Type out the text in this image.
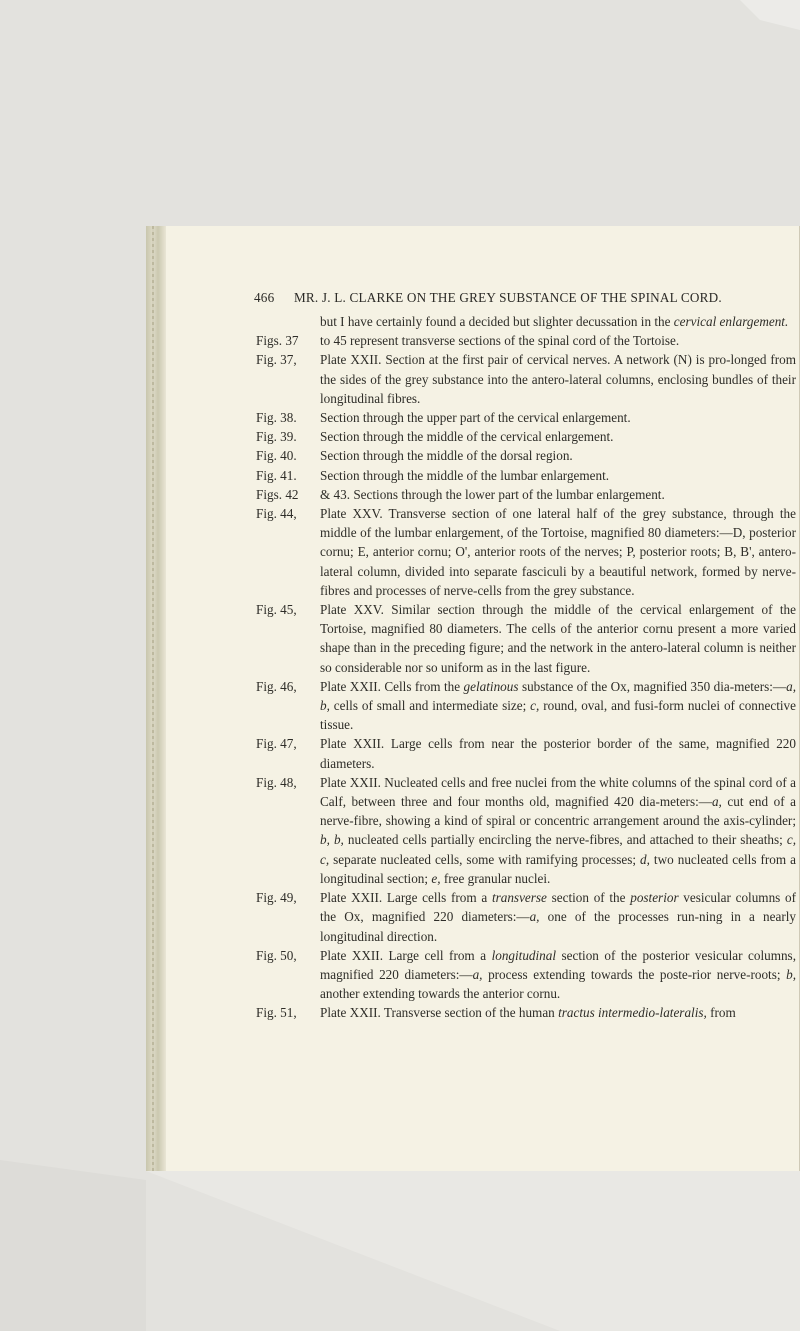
466 MR. J. L. CLARKE ON THE GREY SUBSTANCE OF THE SPINAL CORD.
but I have certainly found a decided but slighter decussation in the cervical enlargement.
Figs. 37 to 45 represent transverse sections of the spinal cord of the Tortoise.
Fig. 37, Plate XXII. Section at the first pair of cervical nerves. A network (N) is pro-longed from the sides of the grey substance into the antero-lateral columns, enclosing bundles of their longitudinal fibres.
Fig. 38. Section through the upper part of the cervical enlargement.
Fig. 39. Section through the middle of the cervical enlargement.
Fig. 40. Section through the middle of the dorsal region.
Fig. 41. Section through the middle of the lumbar enlargement.
Figs. 42 & 43. Sections through the lower part of the lumbar enlargement.
Fig. 44, Plate XXV. Transverse section of one lateral half of the grey substance, through the middle of the lumbar enlargement, of the Tortoise, magnified 80 diameters:—D, posterior cornu; E, anterior cornu; O', anterior roots of the nerves; P, posterior roots; B, B', antero-lateral column, divided into separate fasciculi by a beautiful network, formed by nerve-fibres and processes of nerve-cells from the grey substance.
Fig. 45, Plate XXV. Similar section through the middle of the cervical enlargement of the Tortoise, magnified 80 diameters. The cells of the anterior cornu present a more varied shape than in the preceding figure; and the network in the antero-lateral column is neither so considerable nor so uniform as in the last figure.
Fig. 46, Plate XXII. Cells from the gelatinous substance of the Ox, magnified 350 dia-meters:—a, b, cells of small and intermediate size; c, round, oval, and fusi-form nuclei of connective tissue.
Fig. 47, Plate XXII. Large cells from near the posterior border of the same, magnified 220 diameters.
Fig. 48, Plate XXII. Nucleated cells and free nuclei from the white columns of the spinal cord of a Calf, between three and four months old, magnified 420 dia-meters:—a, cut end of a nerve-fibre, showing a kind of spiral or concentric arrangement around the axis-cylinder; b, b, nucleated cells partially encircling the nerve-fibres, and attached to their sheaths; c, c, separate nucleated cells, some with ramifying processes; d, two nucleated cells from a longitudinal section; e, free granular nuclei.
Fig. 49, Plate XXII. Large cells from a transverse section of the posterior vesicular columns of the Ox, magnified 220 diameters:—a, one of the processes run-ning in a nearly longitudinal direction.
Fig. 50, Plate XXII. Large cell from a longitudinal section of the posterior vesicular columns, magnified 220 diameters:—a, process extending towards the poste-rior nerve-roots; b, another extending towards the anterior cornu.
Fig. 51, Plate XXII. Transverse section of the human tractus intermedio-lateralis, from
